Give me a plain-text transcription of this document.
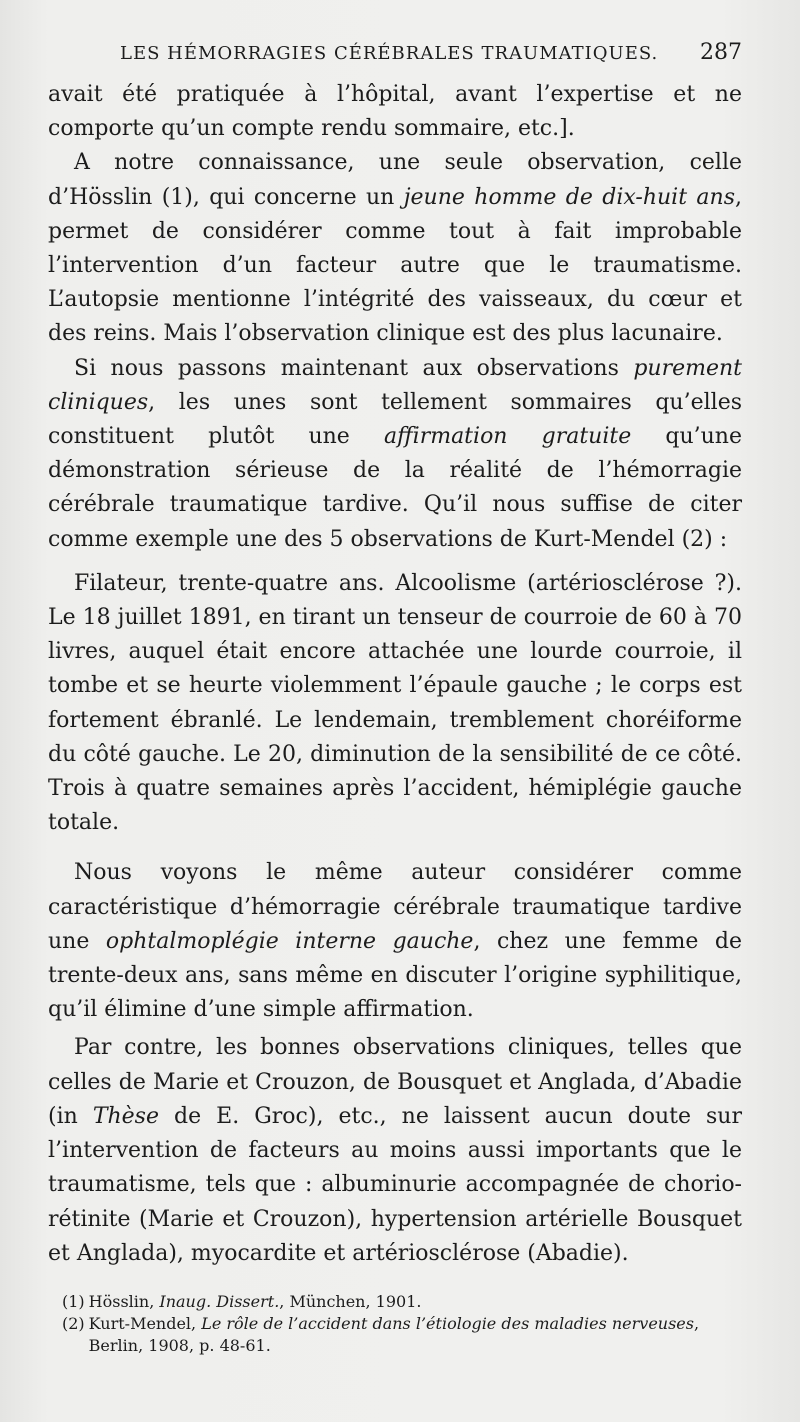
LES HÉMORRAGIES CÉRÉBRALES TRAUMATIQUES. 287

avait été pratiquée à l’hôpital, avant l’expertise et ne comporte qu’un compte rendu sommaire, etc.].

A notre connaissance, une seule observation, celle d’Hösslin (1), qui concerne un jeune homme de dix-huit ans, permet de considérer comme tout à fait improbable l’intervention d’un facteur autre que le traumatisme. L’autopsie mentionne l’intégrité des vaisseaux, du cœur et des reins. Mais l’observation clinique est des plus lacunaire.

Si nous passons maintenant aux observations purement cliniques, les unes sont tellement sommaires qu’elles constituent plutôt une affirmation gratuite qu’une démonstration sérieuse de la réalité de l’hémorragie cérébrale traumatique tardive. Qu’il nous suffise de citer comme exemple une des 5 observations de Kurt-Mendel (2) :

Filateur, trente-quatre ans. Alcoolisme (artériosclérose ?). Le 18 juillet 1891, en tirant un tenseur de courroie de 60 à 70 livres, auquel était encore attachée une lourde courroie, il tombe et se heurte violemment l’épaule gauche ; le corps est fortement ébranlé. Le lendemain, tremblement choréiforme du côté gauche. Le 20, diminution de la sensibilité de ce côté. Trois à quatre semaines après l’accident, hémiplégie gauche totale.

Nous voyons le même auteur considérer comme caractéristique d’hémorragie cérébrale traumatique tardive une ophtalmoplégie interne gauche, chez une femme de trente-deux ans, sans même en discuter l’origine syphilitique, qu’il élimine d’une simple affirmation.

Par contre, les bonnes observations cliniques, telles que celles de Marie et Crouzon, de Bousquet et Anglada, d’Abadie (in Thèse de E. Groc), etc., ne laissent aucun doute sur l’intervention de facteurs au moins aussi importants que le traumatisme, tels que : albuminurie accompagnée de chorio-rétinite (Marie et Crouzon), hypertension artérielle Bousquet et Anglada), myocardite et artériosclérose (Abadie).

(1) Hösslin, Inaug. Dissert., München, 1901.
(2) Kurt-Mendel, Le rôle de l’accident dans l’étiologie des maladies nerveuses, Berlin, 1908, p. 48-61.
